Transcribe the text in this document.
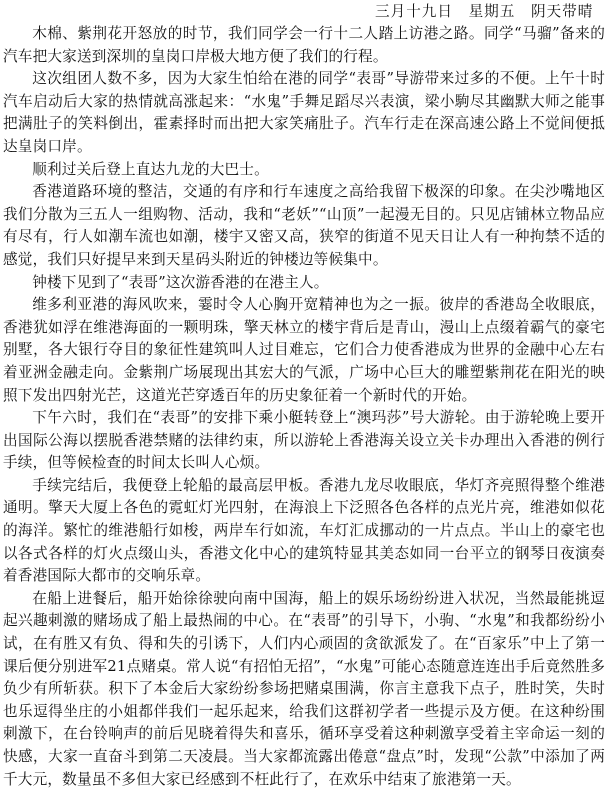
三月十九日　星期五　阴天带晴

木棉、紫荆花开怒放的时节，我们同学会一行十二人踏上访港之路。同学“马骝”备来的汽车把大家送到深圳的皇岗口岸极大地方便了我们的行程。

这次组团人数不多，因为大家生怕给在港的同学“表哥”导游带来过多的不便。上午十时汽车启动后大家的热情就高涨起来：“水鬼”手舞足蹈尽兴表演，梁小駒尽其幽默大师之能事把满肚子的笑料倒出，霍素择时而出把大家笑痛肚子。汽车行走在深高速公路上不觉间便抵达皇岗口岸。

顺利过关后登上直达九龙的大巴士。

香港道路环境的整洁，交通的有序和行车速度之高给我留下极深的印象。在尖沙嘴地区我们分散为三五人一组购物、活动，我和“老妖”“山顶”一起漫无目的。只见店铺林立物品应有尽有，行人如潮车流也如潮，楼宇又密又高，狭窄的街道不见天日让人有一种拘禁不适的感觉，我们只好提早来到天星码头附近的钟楼边等候集中。

钟楼下见到了“表哥”这次游香港的在港主人。

维多利亚港的海风吹来，霎时令人心胸开宽精神也为之一振。彼岸的香港岛全收眼底，香港犹如浮在维港海面的一颗明珠，擎天林立的楼宇背后是青山，漫山上点缀着霸气的豪宅别墅，各大银行夺目的象征性建筑叫人过目难忘，它们合力使香港成为世界的金融中心左右着亚洲金融走向。金紫荆广场展现出其宏大的气派，广场中心巨大的雕塑紫荆花在阳光的映照下发出四射光芒，这道光芒穿透百年的历史象征着一个新时代的开始。

下午六时，我们在“表哥”的安排下乘小艇转登上“澳玛莎”号大游轮。由于游轮晚上要开出国际公海以摆脱香港禁赌的法律约束，所以游轮上香港海关设立关卡办理出入香港的例行手续，但等候检查的时间太长叫人心烦。

手续完结后，我便登上轮船的最高层甲板。香港九龙尽收眼底，华灯齐亮照得整个维港通明。擎天大厦上各色的霓虹灯光四射，在海浪上下泛照各色各样的点光片亮，维港如似花的海洋。繁忙的维港船行如梭，两岸车行如流，车灯汇成挪动的一片点点。半山上的豪宅也以各式各样的灯火点缀山头，香港文化中心的建筑特显其美态如同一台平立的钢琴日夜演奏着香港国际大都市的交响乐章。

在船上进餐后，船开始徐徐驶向南中国海，船上的娱乐场纷纷进入状况，当然最能挑逗起兴趣刺激的赌场成了船上最热闹的中心。在“表哥”的引导下，小驹、“水鬼”和我都纷纷小试，在有胜又有负、得和失的引诱下，人们内心顽固的贪欲派发了。在“百家乐”中上了第一课后便分别进军21点赌桌。常人说“有招怕无招”，“水鬼”可能心态随意连连出手后竟然胜多负少有所斩获。积下了本金后大家纷纷参场把赌桌围满，你言主意我下点子，胜时笑，失时也乐逗得坐庄的小姐都伴我们一起乐起来，给我们这群初学者一些提示及方便。在这种纷围刺激下，在台铃响声的前后见晓着得失和喜乐，循环享受着这种刺激享受着主宰命运一刻的快感，大家一直奋斗到第二天凌晨。当大家都流露出倦意“盘点”时，发现“公款”中添加了两千大元，数量虽不多但大家已经感到不枉此行了，在欢乐中结束了旅港第一天。
